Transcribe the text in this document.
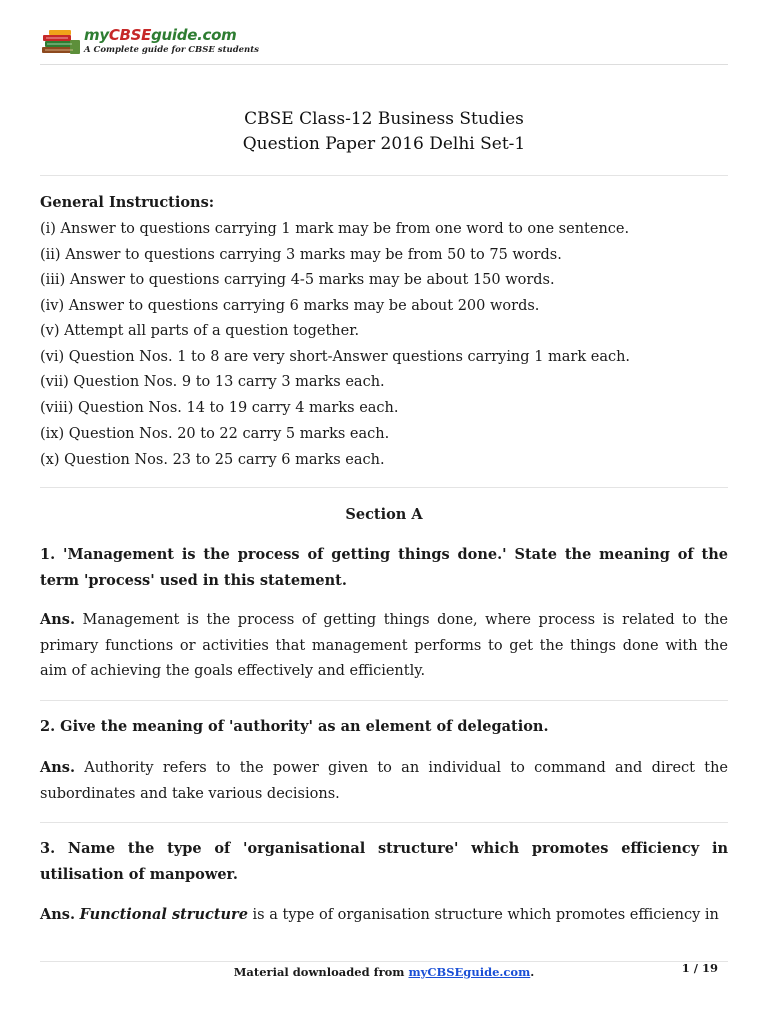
myCBSEguide.com
A Complete guide for CBSE students
CBSE Class-12 Business Studies
Question Paper 2016 Delhi Set-1
General Instructions:
(i) Answer to questions carrying 1 mark may be from one word to one sentence.
(ii) Answer to questions carrying 3 marks may be from 50 to 75 words.
(iii) Answer to questions carrying 4-5 marks may be about 150 words.
(iv) Answer to questions carrying 6 marks may be about 200 words.
(v) Attempt all parts of a question together.
(vi) Question Nos. 1 to 8 are very short-Answer questions carrying 1 mark each.
(vii) Question Nos. 9 to 13 carry 3 marks each.
(viii) Question Nos. 14 to 19 carry 4 marks each.
(ix) Question Nos. 20 to 22 carry 5 marks each.
(x) Question Nos. 23 to 25 carry 6 marks each.
Section A
1. 'Management is the process of getting things done.' State the meaning of the term 'process' used in this statement.
Ans. Management is the process of getting things done, where process is related to the primary functions or activities that management performs to get the things done with the aim of achieving the goals effectively and efficiently.
2. Give the meaning of 'authority' as an element of delegation.
Ans. Authority refers to the power given to an individual to command and direct the subordinates and take various decisions.
3. Name the type of 'organisational structure' which promotes efficiency in utilisation of manpower.
Ans. Functional structure is a type of organisation structure which promotes efficiency in
Material downloaded from myCBSEguide.com.	1 / 19
